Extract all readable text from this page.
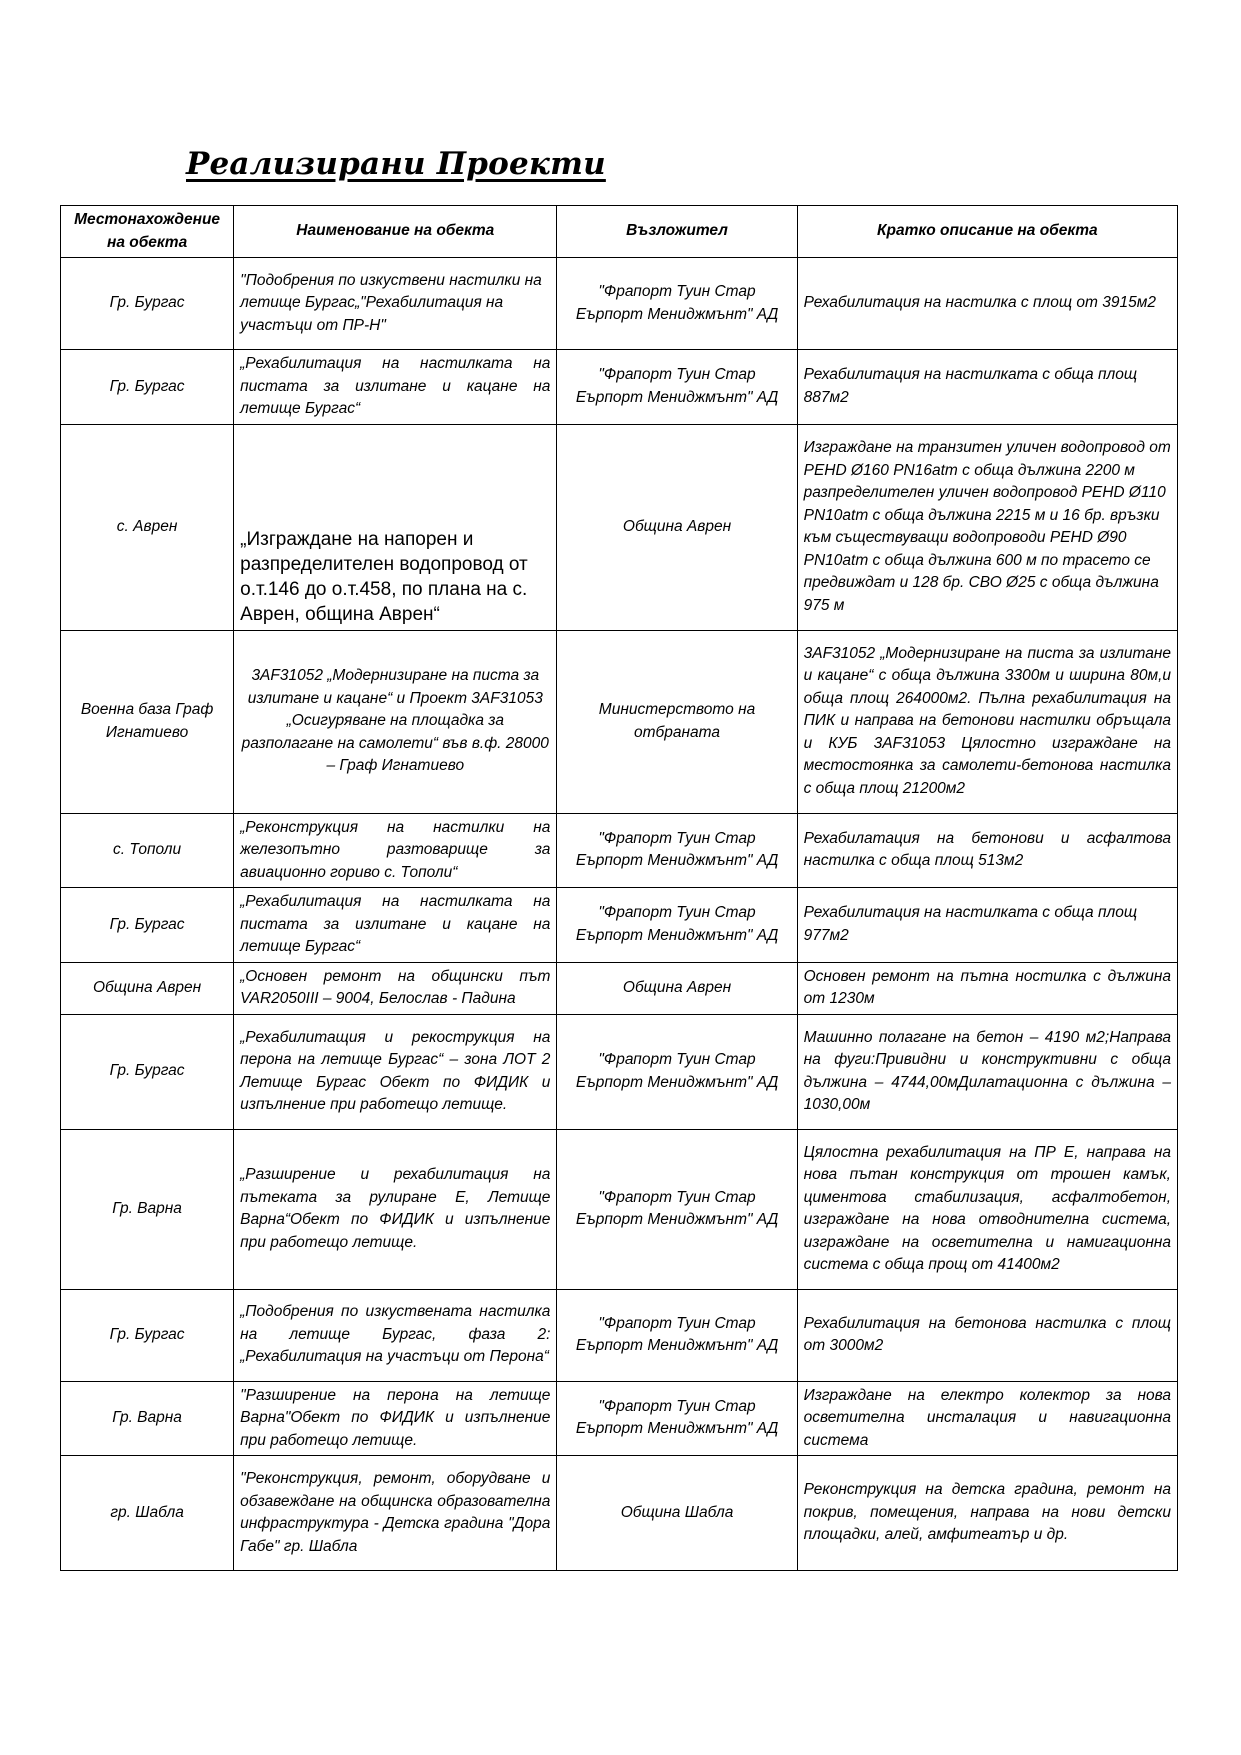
Реализирани Проекти
Местонахождение на обекта	Наименование на обекта	Възложител	Кратко описание на обекта
Гр. Бургас	"Подобрения по изкуствени настилки на летище Бургас„"Рехабилитация на участъци от ПР-Н"	"Фрапорт Туин Стар Еърпорт Мениджмънт" АД	Рехабилитация на настилка с площ от 3915м2
Гр. Бургас	„Рехабилитация на настилката на пистата за излитане и кацане на летище Бургас“	"Фрапорт Туин Стар Еърпорт Мениджмънт" АД	Рехабилитация на настилката с обща площ 887м2
с. Аврен	„Изграждане на напорен и разпределителен водопровод от о.т.146 до о.т.458, по плана на с. Аврен, община Аврен“	Община Аврен	Изграждане на транзитен уличен водопровод от PEHD Ø160 PN16atm с обща дължина 2200 м разпределителен уличен водопровод PEHD Ø110 PN10atm с обща дължина 2215 м и 16 бр. връзки към съществуващи водопроводи PEHD Ø90 PN10atm с обща дължина 600 м по трасето се предвиждат и 128 бр. СВО Ø25 с обща дължина 975 м
Военна база Граф Игнатиево	3AF31052 „Модернизиране на писта за излитане и кацане“ и Проект 3AF31053 „Осигуряване на площадка за разполагане на самолети“ във в.ф. 28000 – Граф Игнатиево	Министерството на отбраната	3AF31052 „Модернизиране на писта за излитане и кацане“ с обща дължина 3300м и ширина 80м,и обща площ 264000м2. Пълна рехабилитация на ПИК и направа на бетонови настилки обръщала и КУБ 3AF31053 Цялостно изграждане на местостоянка за самолети-бетонова настилка с обща площ 21200м2
с. Тополи	„Реконструкция на настилки на железопътно разтоварище за авиационно гориво с. Тополи“	"Фрапорт Туин Стар Еърпорт Мениджмънт" АД	Рехабилатация на бетонови и асфалтова настилка с обща площ 513м2
Гр. Бургас	„Рехабилитация на настилката на пистата за излитане и кацане на летище Бургас“	"Фрапорт Туин Стар Еърпорт Мениджмънт" АД	Рехабилитация на настилката с обща площ 977м2
Община Аврен	„Основен ремонт на общински път VAR2050III – 9004, Белослав - Падина	Община Аврен	Основен ремонт на пътна ностилка с дължина от 1230м
Гр. Бургас	„Рехабилитащия и рекострукция на перона на летище Бургас“ – зона ЛОТ 2 Летище Бургас Обект по ФИДИК и изпълнение при работещо летище.	"Фрапорт Туин Стар Еърпорт Мениджмънт" АД	Машинно полагане на бетон – 4190 м2;Направа на фуги:Привидни и конструктивни с обща дължина – 4744,00мДилатационна с дължина – 1030,00м
Гр. Варна	„Разширение и рехабилитация на пътеката за рулиране Е, Летище Варна“Обект по ФИДИК и изпълнение при работещо летище.	"Фрапорт Туин Стар Еърпорт Мениджмънт" АД	Цялостна рехабилитация на ПР Е, направа на нова пътан конструкция от трошен камък, циментова стабилизация, асфалтобетон, изграждане на нова отводнителна система, изграждане на осветителна и намигационна система с обща прощ от 41400м2
Гр. Бургас	„Подобрения по изкуствената настилка на летище Бургас, фаза 2: „Рехабилитация на участъци от Перона“	"Фрапорт Туин Стар Еърпорт Мениджмънт" АД	Рехабилитация на бетонова настилка с площ от 3000м2
Гр. Варна	"Разширение на перона на летище Варна"Обект по ФИДИК и изпълнение при работещо летище.	"Фрапорт Туин Стар Еърпорт Мениджмънт" АД	Изграждане на електро колектор за нова осветителна инсталация и навигационна система
гр. Шабла	"Реконструкция, ремонт, оборудване и обзавеждане на общинска образователна инфраструктура - Детска градина "Дора Габе" гр. Шабла	Община Шабла	Реконструкция на детска градина, ремонт на покрив, помещения, направа на нови детски площадки, алей, амфитеатър и др.
